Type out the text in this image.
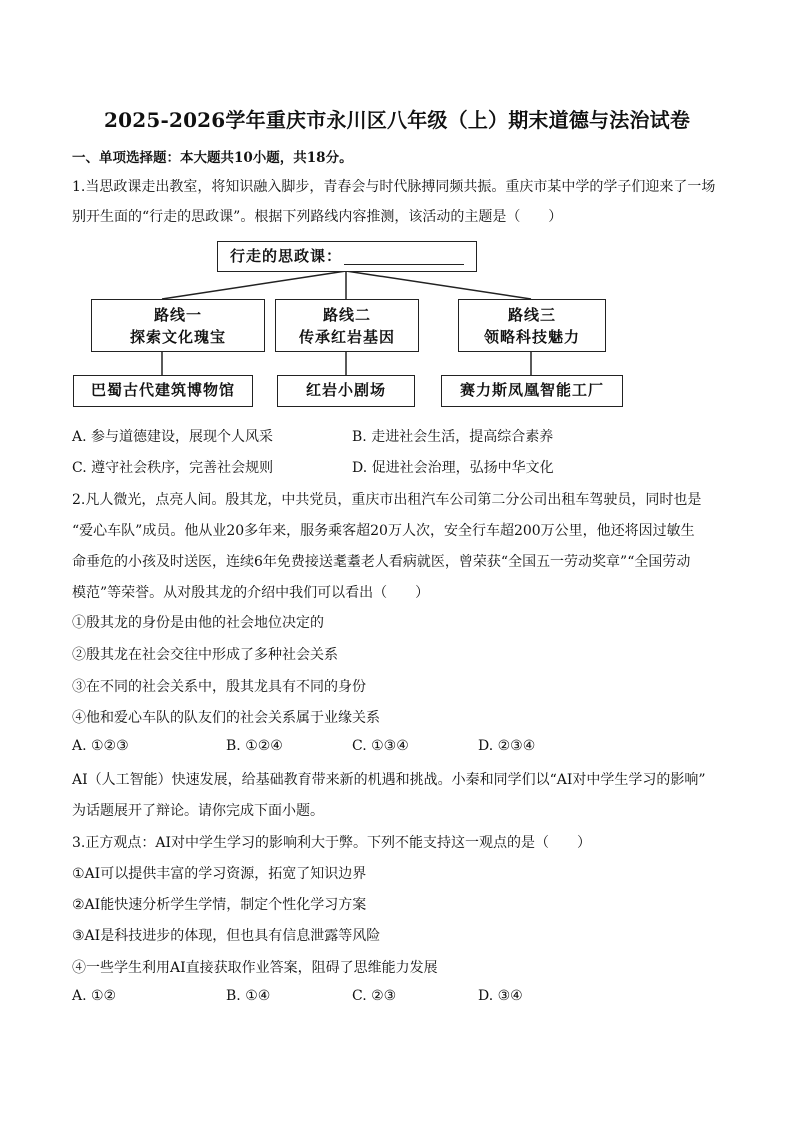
2025-2026学年重庆市永川区八年级（上）期末道德与法治试卷
一、单项选择题：本大题共10小题，共18分。
1.当思政课走出教室，将知识融入脚步，青春会与时代脉搏同频共振。重庆市某中学的学子们迎来了一场
别开生面的“行走的思政课”。根据下列路线内容推测，该活动的主题是（　　）
行走的思政课：
路线一
探索文化瑰宝
路线二
传承红岩基因
路线三
领略科技魅力
巴蜀古代建筑博物馆	红岩小剧场	赛力斯凤凰智能工厂
A. 参与道德建设，展现个人风采	B. 走进社会生活，提高综合素养
C. 遵守社会秩序，完善社会规则	D. 促进社会治理，弘扬中华文化
2.凡人微光，点亮人间。殷其龙，中共党员，重庆市出租汽车公司第二分公司出租车驾驶员，同时也是
“爱心车队”成员。他从业20多年来，服务乘客超20万人次，安全行车超200万公里，他还将因过敏生
命垂危的小孩及时送医，连续6年免费接送耄耋老人看病就医，曾荣获“全国五一劳动奖章”“全国劳动
模范”等荣誉。从对殷其龙的介绍中我们可以看出（　　）
①殷其龙的身份是由他的社会地位决定的
②殷其龙在社会交往中形成了多种社会关系
③在不同的社会关系中，殷其龙具有不同的身份
④他和爱心车队的队友们的社会关系属于业缘关系
A. ①②③	B. ①②④	C. ①③④	D. ②③④
AI（人工智能）快速发展，给基础教育带来新的机遇和挑战。小秦和同学们以“AI对中学生学习的影响”
为话题展开了辩论。请你完成下面小题。
3.正方观点：AI对中学生学习的影响利大于弊。下列不能支持这一观点的是（　　）
①AI可以提供丰富的学习资源，拓宽了知识边界
②AI能快速分析学生学情，制定个性化学习方案
③AI是科技进步的体现，但也具有信息泄露等风险
④一些学生利用AI直接获取作业答案，阻碍了思维能力发展
A. ①②	B. ①④	C. ②③	D. ③④
